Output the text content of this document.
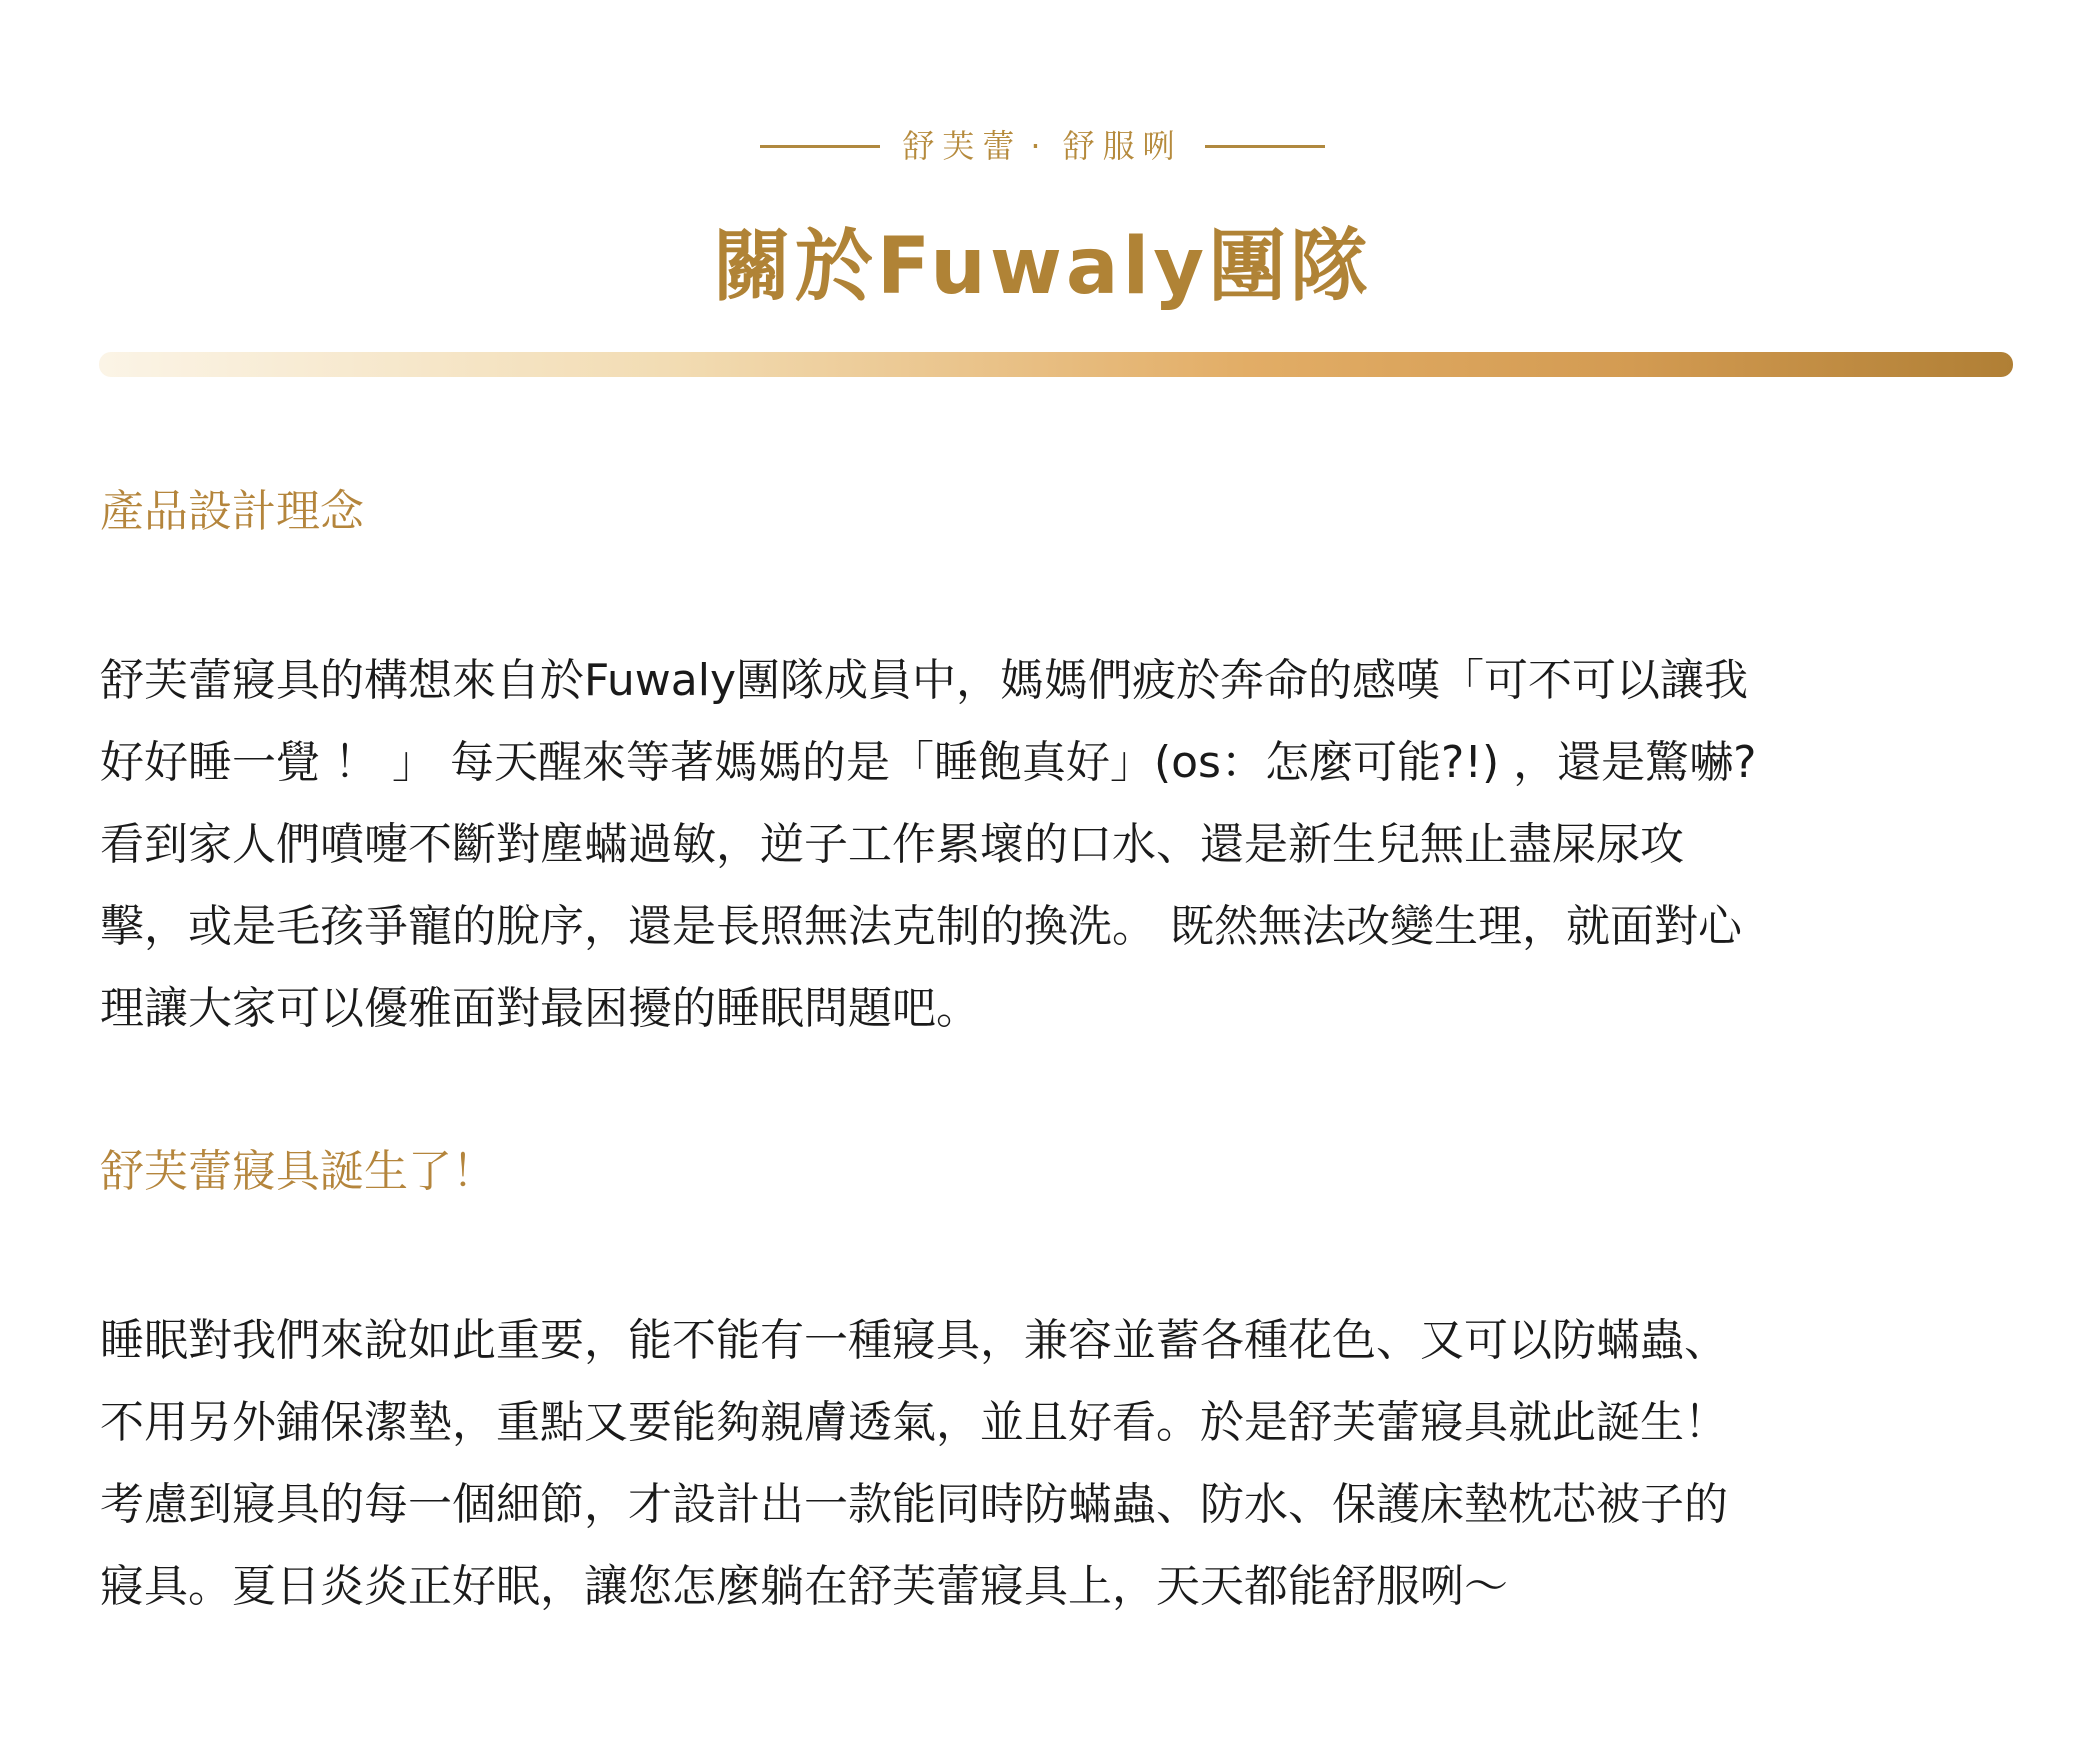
舒芙蕾 · 舒服咧
關於Fuwaly團隊
產品設計理念

舒芙蕾寢具的構想來自於Fuwaly團隊成員中，媽媽們疲於奔命的感嘆「可不可以讓我
好好睡一覺 ！ 」 每天醒來等著媽媽的是「睡飽真好」(os：怎麼可能?!) ，還是驚嚇?
看到家人們噴嚏不斷對塵蟎過敏，逆子工作累壞的口水、還是新生兒無止盡屎尿攻
擊，或是毛孩爭寵的脫序，還是長照無法克制的換洗。 既然無法改變生理，就面對心
理讓大家可以優雅面對最困擾的睡眠問題吧。

舒芙蕾寢具誕生了！

睡眠對我們來說如此重要，能不能有一種寢具，兼容並蓄各種花色、又可以防蟎蟲、
不用另外鋪保潔墊，重點又要能夠親膚透氣，並且好看。於是舒芙蕾寢具就此誕生！
考慮到寢具的每一個細節，才設計出一款能同時防蟎蟲、防水、保護床墊枕芯被子的
寢具。夏日炎炎正好眠，讓您怎麼躺在舒芙蕾寢具上，天天都能舒服咧～
